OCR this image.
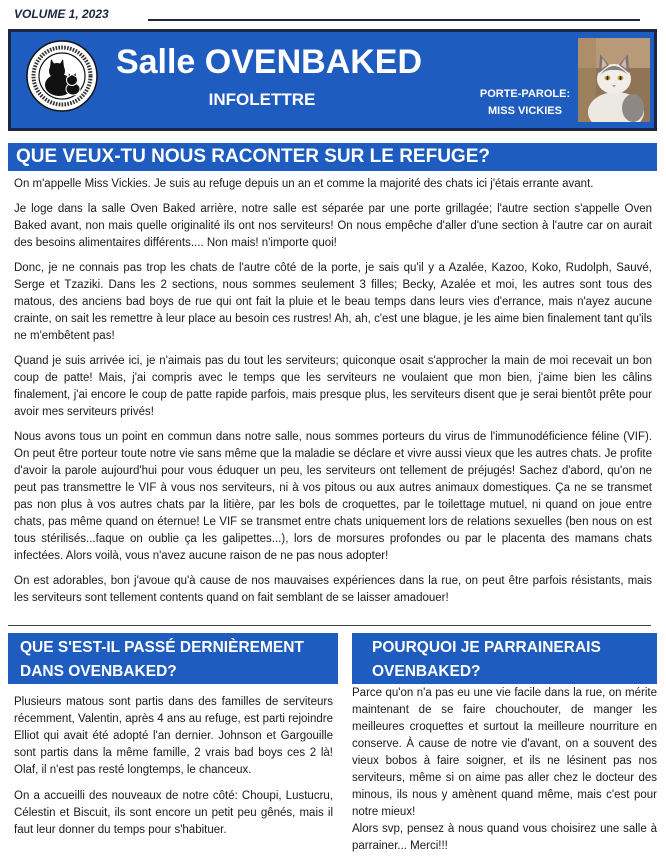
VOLUME 1, 2023
Salle OVENBAKED
INFOLETTRE	PORTE-PAROLE:
MISS VICKIES
QUE VEUX-TU NOUS RACONTER SUR LE REFUGE?

On m'appelle Miss Vickies. Je suis au refuge depuis un an et comme la majorité des chats ici j'étais errante avant.

Je loge dans la salle Oven Baked arrière, notre salle est séparée par une porte grillagée; l'autre section s'appelle Oven Baked avant, non mais quelle originalité ils ont nos serviteurs! On nous empêche d'aller d'une section à l'autre car on aurait des besoins alimentaires différents.... Non mais! n'importe quoi!

Donc, je ne connais pas trop les chats de l'autre côté de la porte, je sais qu'il y a Azalée, Kazoo, Koko, Rudolph, Sauvé, Serge et Tzaziki. Dans les 2 sections, nous sommes seulement 3 filles; Becky, Azalée et moi, les autres sont tous des matous, des anciens bad boys de rue qui ont fait la pluie et le beau temps dans leurs vies d'errance, mais n'ayez aucune crainte, on sait les remettre à leur place au besoin ces rustres! Ah, ah, c'est une blague, je les aime bien finalement tant qu'ils ne m'embêtent pas!

Quand je suis arrivée ici, je n'aimais pas du tout les serviteurs; quiconque osait s'approcher la main de moi recevait un bon coup de patte! Mais, j'ai compris avec le temps que les serviteurs ne voulaient que mon bien, j'aime bien les câlins finalement, j'ai encore le coup de patte rapide parfois, mais presque plus, les serviteurs disent que je serai bientôt prête pour avoir mes serviteurs privés!

Nous avons tous un point en commun dans notre salle, nous sommes porteurs du virus de l'immunodéficience féline (VIF). On peut être porteur toute notre vie sans même que la maladie se déclare et vivre aussi vieux que les autres chats. Je profite d'avoir la parole aujourd'hui pour vous éduquer un peu, les serviteurs ont tellement de préjugés! Sachez d'abord, qu'on ne peut pas transmettre le VIF à vous nos serviteurs, ni à vos pitous ou aux autres animaux domestiques. Ça ne se transmet pas non plus à vos autres chats par la litière, par les bols de croquettes, par le toilettage mutuel, ni quand on joue entre chats, pas même quand on éternue! Le VIF se transmet entre chats uniquement lors de relations sexuelles (ben nous on est tous stérilisés...faque on oublie ça les galipettes...), lors de morsures profondes ou par le placenta des mamans chats infectées. Alors voilà, vous n'avez aucune raison de ne pas nous adopter!

On est adorables, bon j'avoue qu'à cause de nos mauvaises expériences dans la rue, on peut être parfois résistants, mais les serviteurs sont tellement contents quand on fait semblant de se laisser amadouer!

QUE S'EST-IL PASSÉ DERNIÈREMENT
DANS OVENBAKED?
POURQUOI JE PARRAINERAIS
OVENBAKED?

Plusieurs matous sont partis dans des familles de serviteurs récemment, Valentin, après 4 ans au refuge, est parti rejoindre Elliot qui avait été adopté l'an dernier. Johnson et Gargouille sont partis dans la même famille, 2 vrais bad boys ces 2 là! Olaf, il n'est pas resté longtemps, le chanceux.

On a accueilli des nouveaux de notre côté: Choupi, Lustucru, Célestin et Biscuit, ils sont encore un petit peu gênés, mais il faut leur donner du temps pour s'habituer.

Parce qu'on n'a pas eu une vie facile dans la rue, on mérite maintenant de se faire chouchouter, de manger les meilleures croquettes et surtout la meilleure nourriture en conserve. À cause de notre vie d'avant, on a souvent des vieux bobos à faire soigner, et ils ne lésinent pas nos serviteurs, même si on aime pas aller chez le docteur des minous, ils nous y amènent quand même, mais c'est pour notre mieux!

Alors svp, pensez à nous quand vous choisirez une salle à parrainer... Merci!!!
